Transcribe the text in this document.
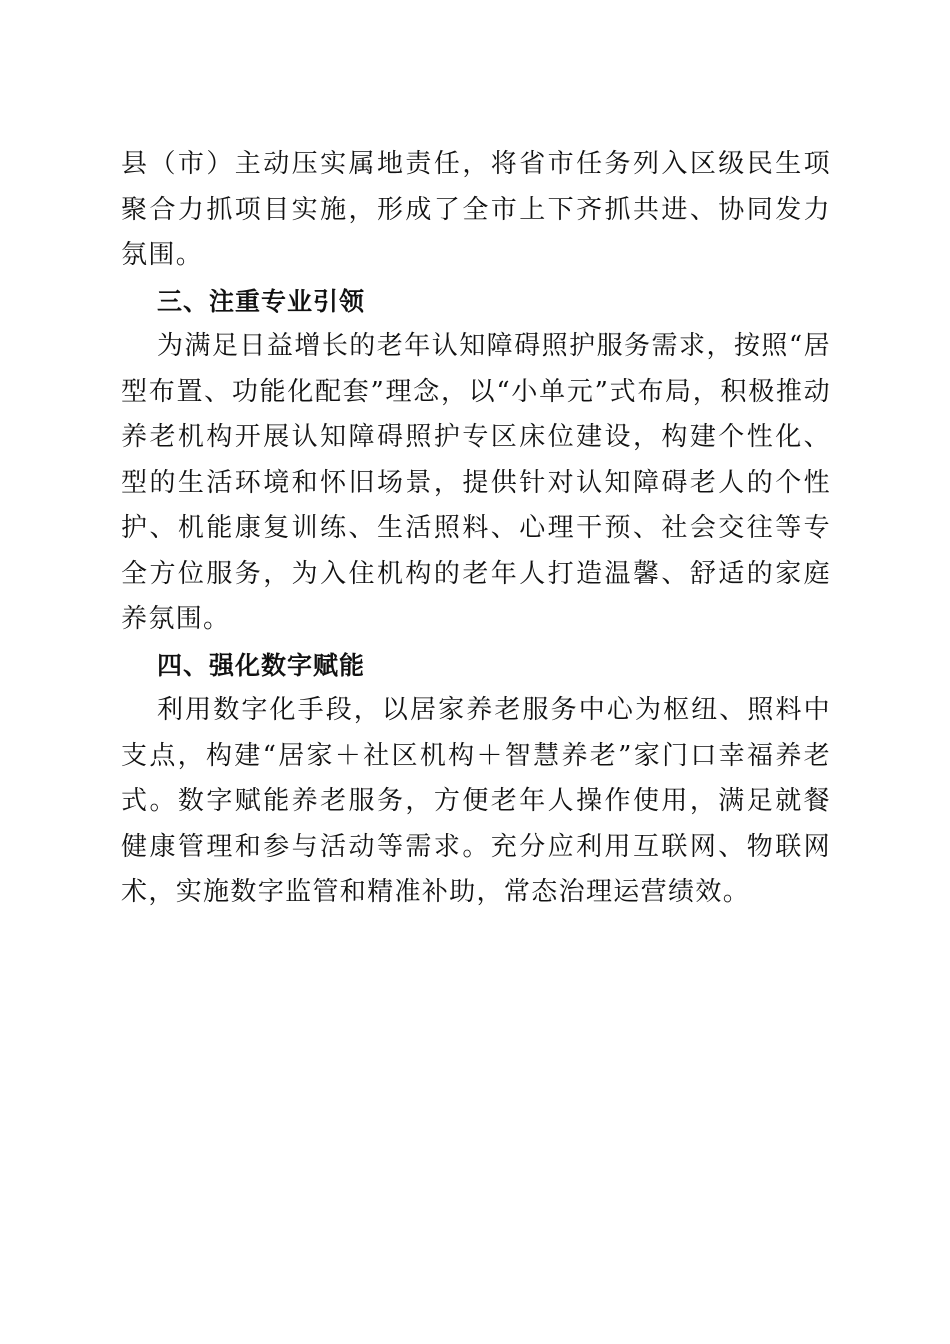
县（市）主动压实属地责任，将省市任务列入区级民生项
聚合力抓项目实施，形成了全市上下齐抓共进、协同发力
氛围。
三、注重专业引领
为满足日益增长的老年认知障碍照护服务需求，按照“居
型布置、功能化配套”理念，以“小单元”式布局，积极推动
养老机构开展认知障碍照护专区床位建设，构建个性化、
型的生活环境和怀旧场景，提供针对认知障碍老人的个性
护、机能康复训练、生活照料、心理干预、社会交往等专
全方位服务，为入住机构的老年人打造温馨、舒适的家庭
养氛围。
四、强化数字赋能
利用数字化手段，以居家养老服务中心为枢纽、照料中
支点，构建“居家＋社区机构＋智慧养老”家门口幸福养老
式。数字赋能养老服务，方便老年人操作使用，满足就餐
健康管理和参与活动等需求。充分应利用互联网、物联网
术，实施数字监管和精准补助，常态治理运营绩效。
